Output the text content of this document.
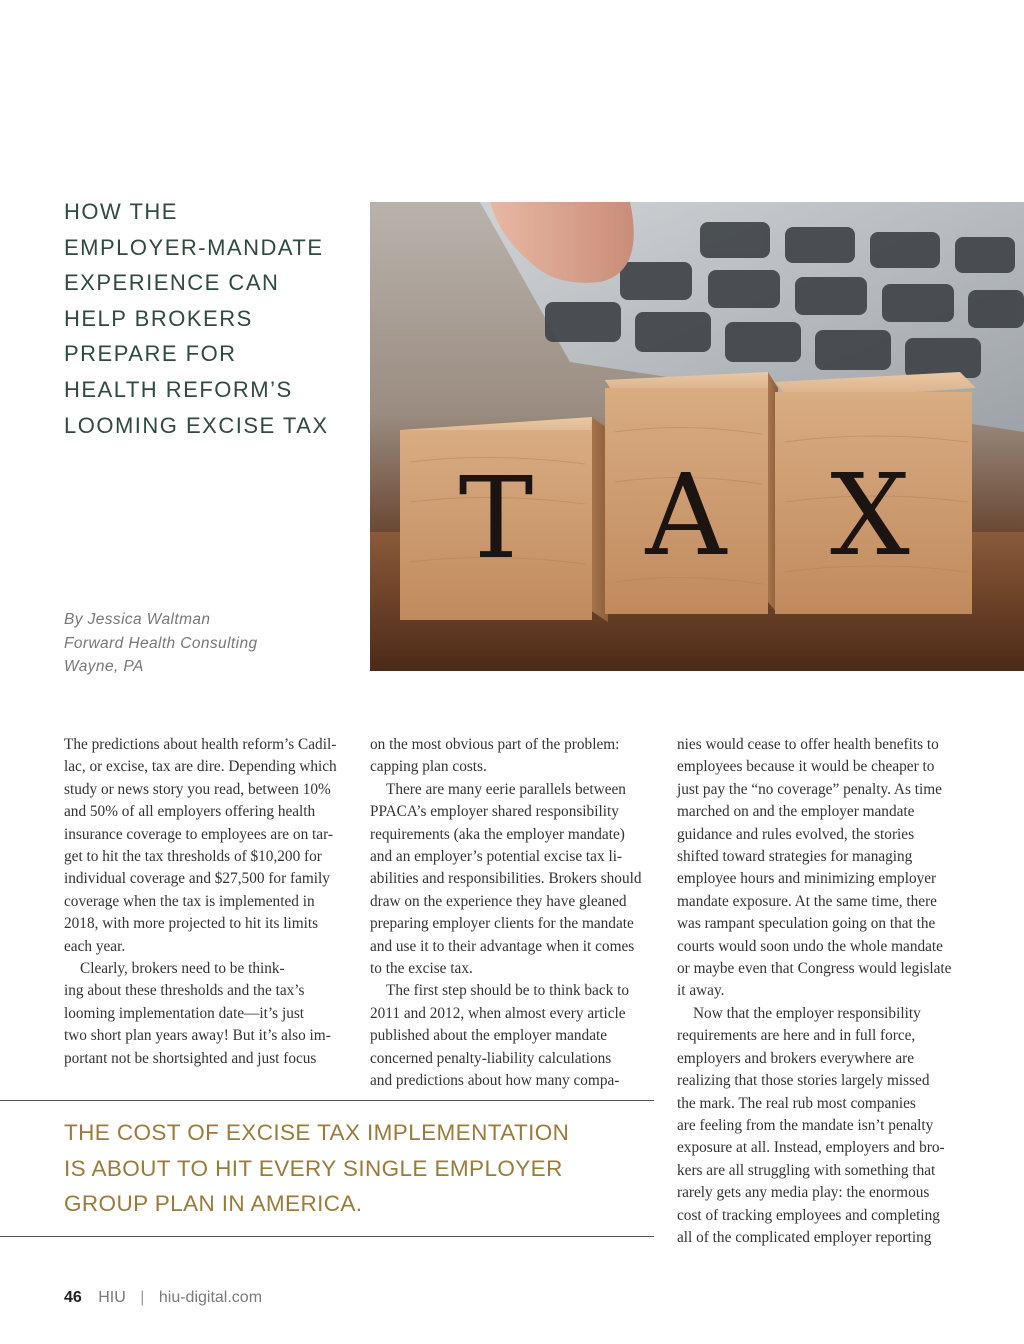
HOW THE
EMPLOYER-MANDATE
EXPERIENCE CAN
HELP BROKERS
PREPARE FOR
HEALTH REFORM’S
LOOMING EXCISE TAX
T A X
By Jessica Waltman
Forward Health Consulting
Wayne, PA
The predictions about health reform’s Cadil-
lac, or excise, tax are dire. Depending which
study or news story you read, between 10%
and 50% of all employers offering health
insurance coverage to employees are on tar-
get to hit the tax thresholds of $10,200 for
individual coverage and $27,500 for family
coverage when the tax is implemented in
2018, with more projected to hit its limits
each year.
Clearly, brokers need to be think-
ing about these thresholds and the tax’s
looming implementation date—it’s just
two short plan years away! But it’s also im-
portant not be shortsighted and just focus
on the most obvious part of the problem:
capping plan costs.
There are many eerie parallels between
PPACA’s employer shared responsibility
requirements (aka the employer mandate)
and an employer’s potential excise tax li-
abilities and responsibilities. Brokers should
draw on the experience they have gleaned
preparing employer clients for the mandate
and use it to their advantage when it comes
to the excise tax.
The first step should be to think back to
2011 and 2012, when almost every article
published about the employer mandate
concerned penalty-liability calculations
and predictions about how many compa-
nies would cease to offer health benefits to
employees because it would be cheaper to
just pay the “no coverage” penalty. As time
marched on and the employer mandate
guidance and rules evolved, the stories
shifted toward strategies for managing
employee hours and minimizing employer
mandate exposure. At the same time, there
was rampant speculation going on that the
courts would soon undo the whole mandate
or maybe even that Congress would legislate
it away.
Now that the employer responsibility
requirements are here and in full force,
employers and brokers everywhere are
realizing that those stories largely missed
the mark. The real rub most companies
are feeling from the mandate isn’t penalty
exposure at all. Instead, employers and bro-
kers are all struggling with something that
rarely gets any media play: the enormous
cost of tracking employees and completing
all of the complicated employer reporting
THE COST OF EXCISE TAX IMPLEMENTATION
IS ABOUT TO HIT EVERY SINGLE EMPLOYER
GROUP PLAN IN AMERICA.
46 HIU | hiu-digital.com
